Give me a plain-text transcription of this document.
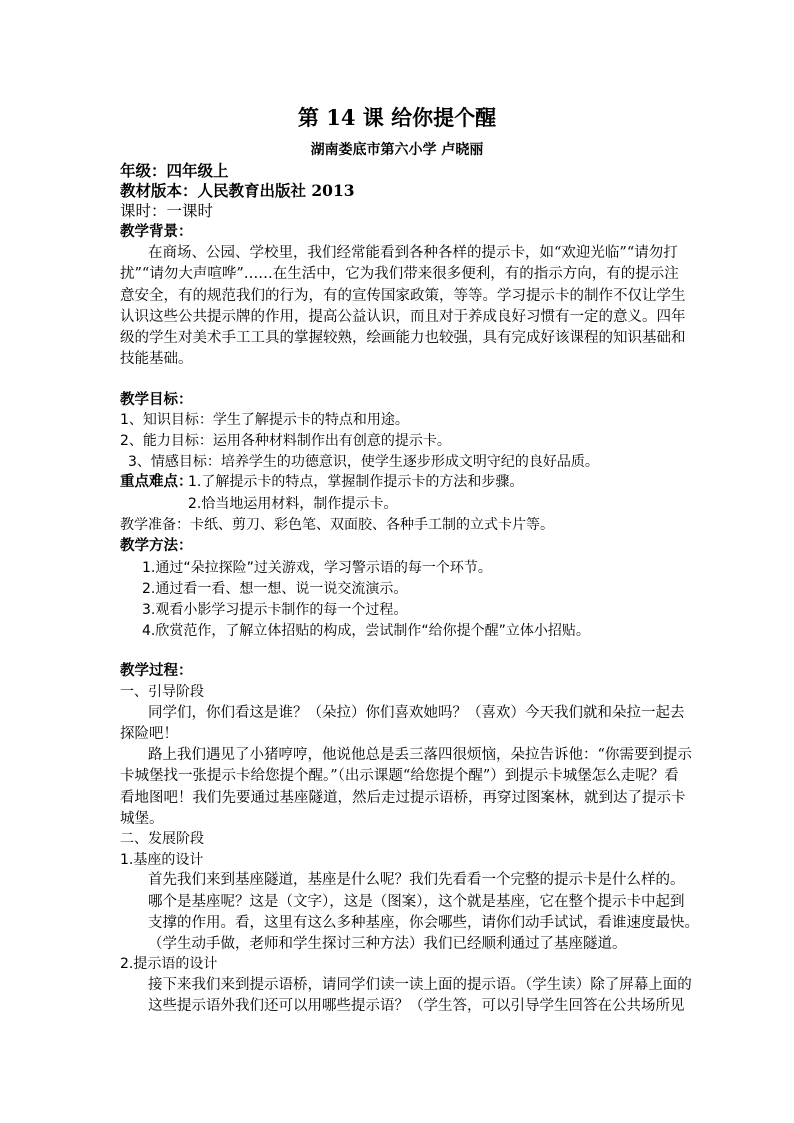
第 14 课 给你提个醒
湖南娄底市第六小学 卢晓丽
年级：四年级上
教材版本：人民教育出版社 2013
课时：一课时
教学背景：
在商场、公园、学校里，我们经常能看到各种各样的提示卡，如“欢迎光临”“请勿打
扰”“请勿大声喧哗”……在生活中，它为我们带来很多便利，有的指示方向，有的提示注
意安全，有的规范我们的行为，有的宣传国家政策，等等。学习提示卡的制作不仅让学生
认识这些公共提示牌的作用，提高公益认识，而且对于养成良好习惯有一定的意义。四年
级的学生对美术手工工具的掌握较熟，绘画能力也较强，具有完成好该课程的知识基础和
技能基础。
教学目标：
1、知识目标：学生了解提示卡的特点和用途。
2、能力目标：运用各种材料制作出有创意的提示卡。
3、情感目标：培养学生的功德意识，使学生逐步形成文明守纪的良好品质。
重点难点：
1.了解提示卡的特点，掌握制作提示卡的方法和步骤。
2.恰当地运用材料，制作提示卡。
教学准备：卡纸、剪刀、彩色笔、双面胶、各种手工制的立式卡片等。
教学方法：
1.通过“朵拉探险”过关游戏，学习警示语的每一个环节。
2.通过看一看、想一想、说一说交流演示。
3.观看小影学习提示卡制作的每一个过程。
4.欣赏范作，了解立体招贴的构成，尝试制作“给你提个醒”立体小招贴。
教学过程：
一、引导阶段
同学们，你们看这是谁？（朵拉）你们喜欢她吗？（喜欢）今天我们就和朵拉一起去
探险吧！
路上我们遇见了小猪哼哼，他说他总是丢三落四很烦恼，朵拉告诉他：“你需要到提示
卡城堡找一张提示卡给您提个醒。”（出示课题“给您提个醒”）到提示卡城堡怎么走呢？看
看地图吧！我们先要通过基座隧道，然后走过提示语桥，再穿过图案林，就到达了提示卡
城堡。
二、发展阶段
1.基座的设计
首先我们来到基座隧道，基座是什么呢？我们先看看一个完整的提示卡是什么样的。
哪个是基座呢？这是（文字），这是（图案），这个就是基座，它在整个提示卡中起到
支撑的作用。看，这里有这么多种基座，你会哪些，请你们动手试试，看谁速度最快。
（学生动手做，老师和学生探讨三种方法）我们已经顺利通过了基座隧道。
2.提示语的设计
接下来我们来到提示语桥，请同学们读一读上面的提示语。（学生读）除了屏幕上面的
这些提示语外我们还可以用哪些提示语？（学生答，可以引导学生回答在公共场所见
